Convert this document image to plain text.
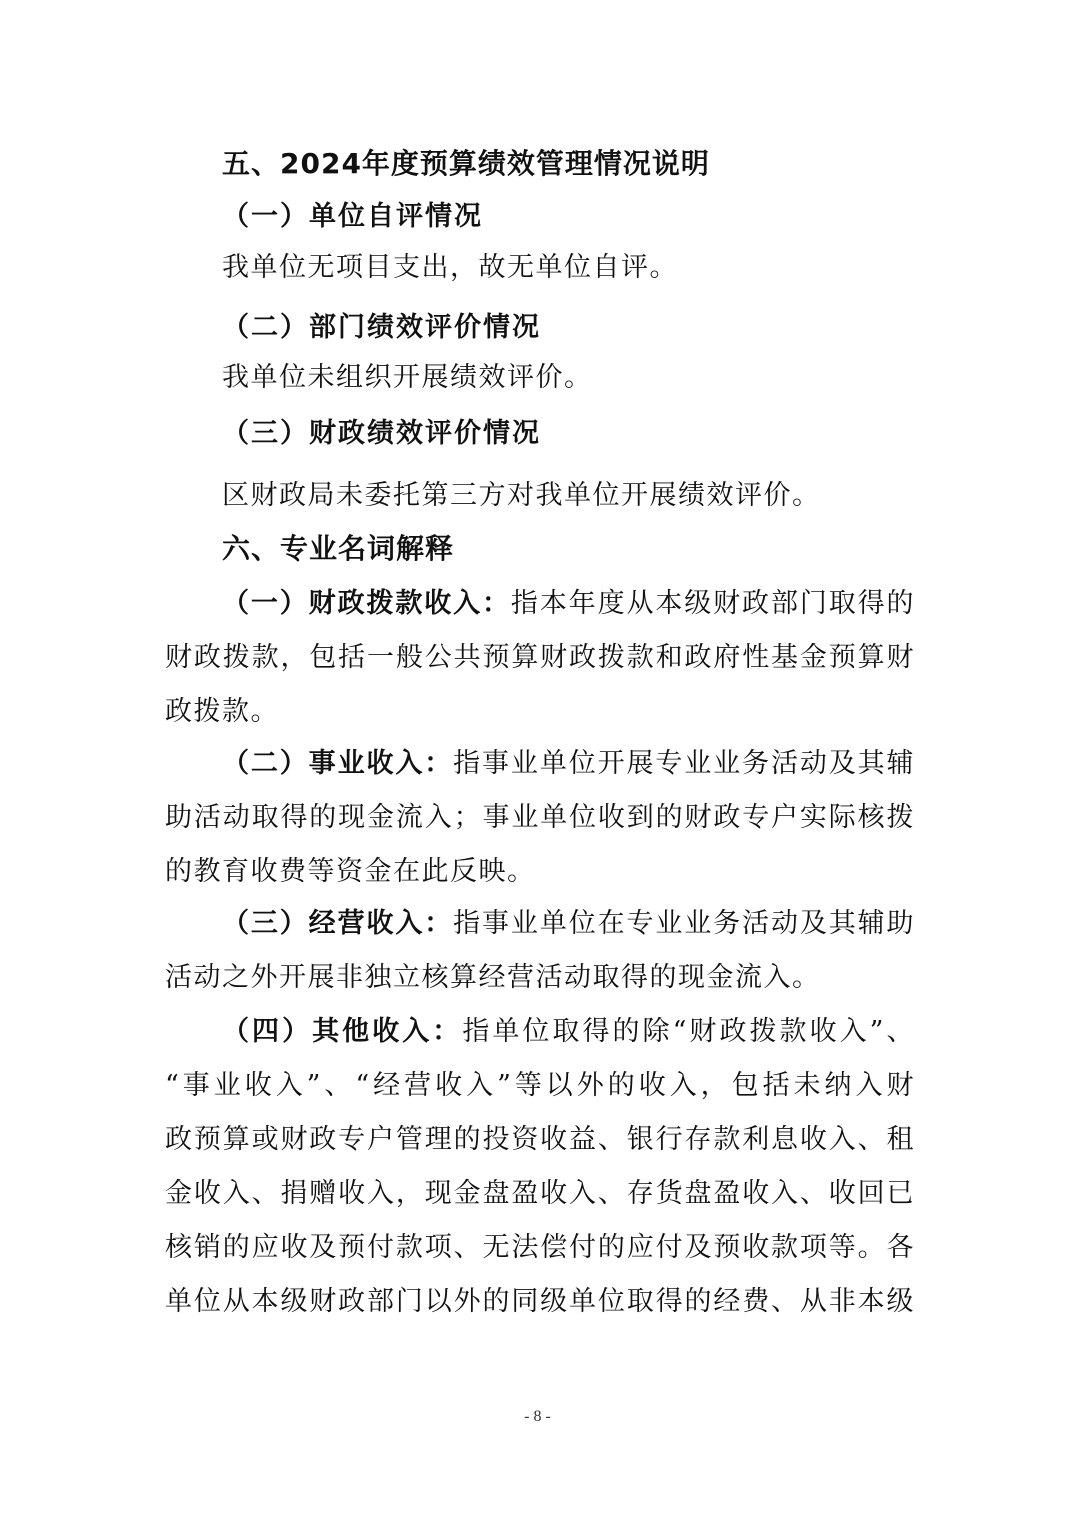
五、2024年度预算绩效管理情况说明
（一）单位自评情况
我单位无项目支出，故无单位自评。
（二）部门绩效评价情况
我单位未组织开展绩效评价。
（三）财政绩效评价情况
区财政局未委托第三方对我单位开展绩效评价。
六、专业名词解释
（一）财政拨款收入：指本年度从本级财政部门取得的
财政拨款，包括一般公共预算财政拨款和政府性基金预算财
政拨款。
（二）事业收入：指事业单位开展专业业务活动及其辅
助活动取得的现金流入；事业单位收到的财政专户实际核拨
的教育收费等资金在此反映。
（三）经营收入：指事业单位在专业业务活动及其辅助
活动之外开展非独立核算经营活动取得的现金流入。
（四）其他收入：指单位取得的除“财政拨款收入”、
“事业收入”、“经营收入”等以外的收入，包括未纳入财
政预算或财政专户管理的投资收益、银行存款利息收入、租
金收入、捐赠收入，现金盘盈收入、存货盘盈收入、收回已
核销的应收及预付款项、无法偿付的应付及预收款项等。各
单位从本级财政部门以外的同级单位取得的经费、从非本级
- 8 -
